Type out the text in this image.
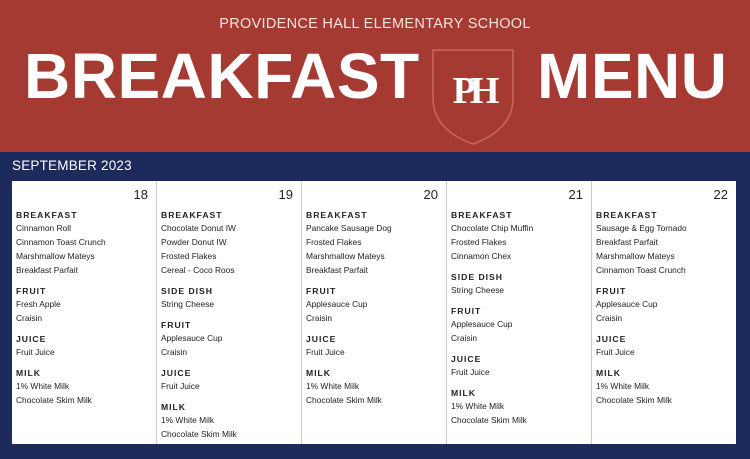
PROVIDENCE HALL ELEMENTARY SCHOOL
BREAKFAST PH MENU
SEPTEMBER 2023
18
BREAKFAST
Cinnamon Roll
Cinnamon Toast Crunch
Marshmallow Mateys
Breakfast Parfait
FRUIT
Fresh Apple
Craisin
JUICE
Fruit Juice
MILK
1% White Milk
Chocolate Skim Milk
19
BREAKFAST
Chocolate Donut IW
Powder Donut IW
Frosted Flakes
Cereal - Coco Roos
SIDE DISH
String Cheese
FRUIT
Applesauce Cup
Craisin
JUICE
Fruit Juice
MILK
1% White Milk
Chocolate Skim Milk
20
BREAKFAST
Pancake Sausage Dog
Frosted Flakes
Marshmallow Mateys
Breakfast Parfait
FRUIT
Applesauce Cup
Craisin
JUICE
Fruit Juice
MILK
1% White Milk
Chocolate Skim Milk
21
BREAKFAST
Chocolate Chip Muffin
Frosted Flakes
Cinnamon Chex
SIDE DISH
String Cheese
FRUIT
Applesauce Cup
Craisin
JUICE
Fruit Juice
MILK
1% White Milk
Chocolate Skim Milk
22
BREAKFAST
Sausage & Egg Tornado
Breakfast Parfait
Marshmallow Mateys
Cinnamon Toast Crunch
FRUIT
Applesauce Cup
Craisin
JUICE
Fruit Juice
MILK
1% White Milk
Chocolate Skim Milk
